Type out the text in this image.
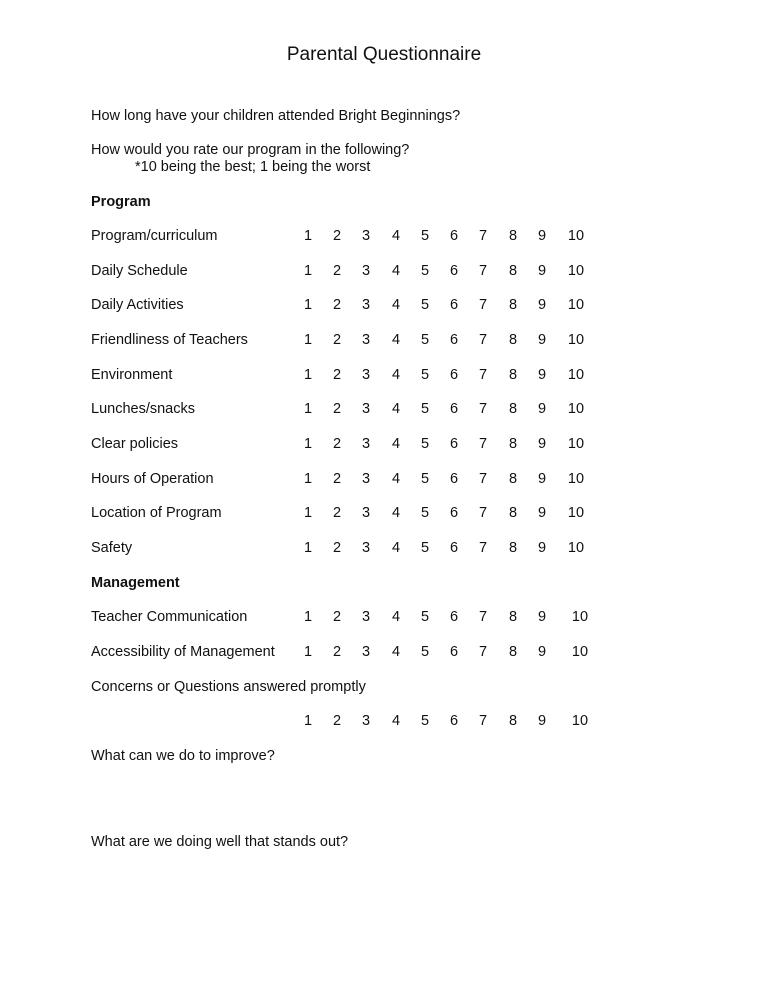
Parental Questionnaire
How long have your children attended Bright Beginnings?
How would you rate our program in the following?
*10 being the best; 1 being the worst
Program
Program/curriculum	1	2	3	4	5	6	7	8	9	10
Daily Schedule	1	2	3	4	5	6	7	8	9	10
Daily Activities	1	2	3	4	5	6	7	8	9	10
Friendliness of Teachers	1	2	3	4	5	6	7	8	9	10
Environment	1	2	3	4	5	6	7	8	9	10
Lunches/snacks	1	2	3	4	5	6	7	8	9	10
Clear policies	1	2	3	4	5	6	7	8	9	10
Hours of Operation	1	2	3	4	5	6	7	8	9	10
Location of Program	1	2	3	4	5	6	7	8	9	10
Safety	1	2	3	4	5	6	7	8	9	10
Management
Teacher Communication	1	2	3	4	5	6	7	8	9	10
Accessibility of Management	1	2	3	4	5	6	7	8	9	10
Concerns or Questions answered promptly
1	2	3	4	5	6	7	8	9	10
What can we do to improve?
What are we doing well that stands out?
